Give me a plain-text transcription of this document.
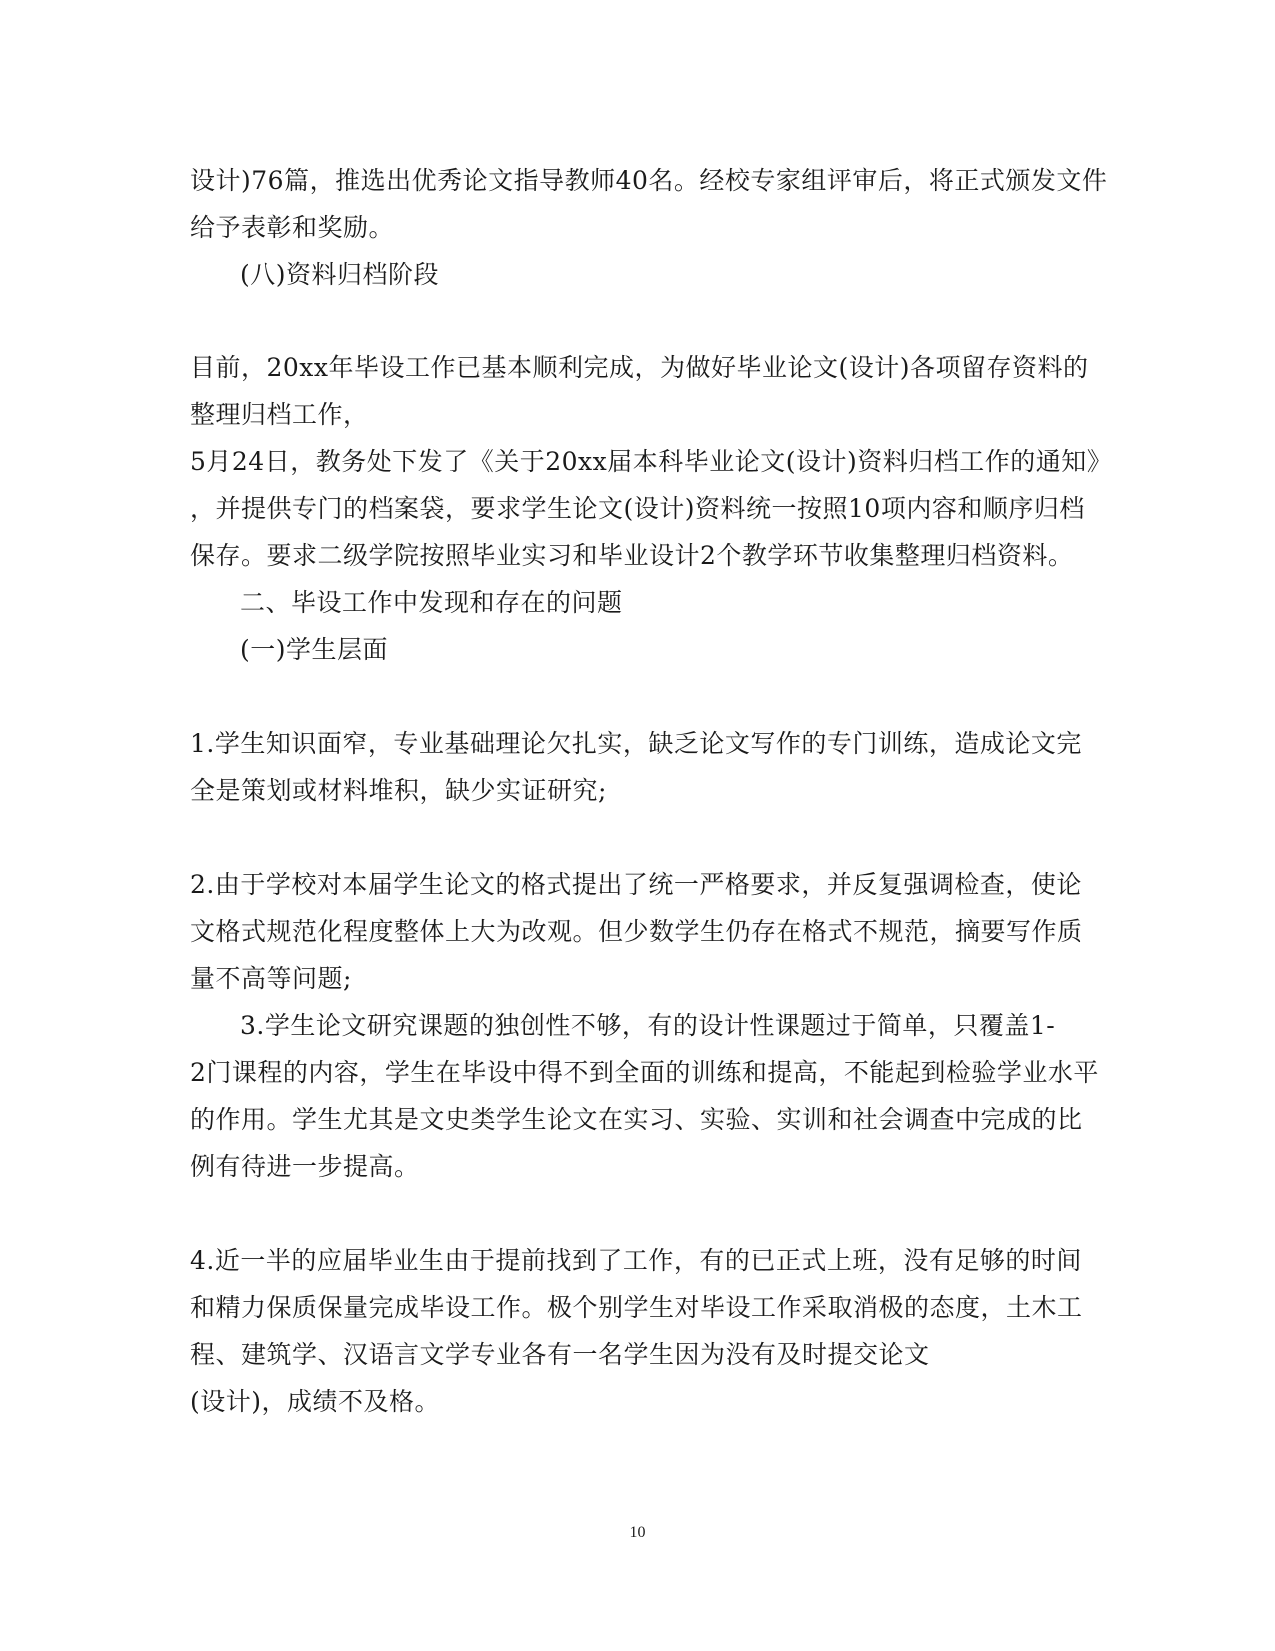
设计)76篇，推选出优秀论文指导教师40名。经校专家组评审后，将正式颁发文件
给予表彰和奖励。
(八)资料归档阶段
目前，20xx年毕设工作已基本顺利完成，为做好毕业论文(设计)各项留存资料的
整理归档工作，
5月24日，教务处下发了《关于20xx届本科毕业论文(设计)资料归档工作的通知》
，并提供专门的档案袋，要求学生论文(设计)资料统一按照10项内容和顺序归档
保存。要求二级学院按照毕业实习和毕业设计2个教学环节收集整理归档资料。
二、毕设工作中发现和存在的问题
(一)学生层面
1.学生知识面窄，专业基础理论欠扎实，缺乏论文写作的专门训练，造成论文完
全是策划或材料堆积，缺少实证研究;
2.由于学校对本届学生论文的格式提出了统一严格要求，并反复强调检查，使论
文格式规范化程度整体上大为改观。但少数学生仍存在格式不规范，摘要写作质
量不高等问题;
3.学生论文研究课题的独创性不够，有的设计性课题过于简单，只覆盖1-
2门课程的内容，学生在毕设中得不到全面的训练和提高，不能起到检验学业水平
的作用。学生尤其是文史类学生论文在实习、实验、实训和社会调查中完成的比
例有待进一步提高。
4.近一半的应届毕业生由于提前找到了工作，有的已正式上班，没有足够的时间
和精力保质保量完成毕设工作。极个别学生对毕设工作采取消极的态度，土木工
程、建筑学、汉语言文学专业各有一名学生因为没有及时提交论文
(设计)，成绩不及格。
10
